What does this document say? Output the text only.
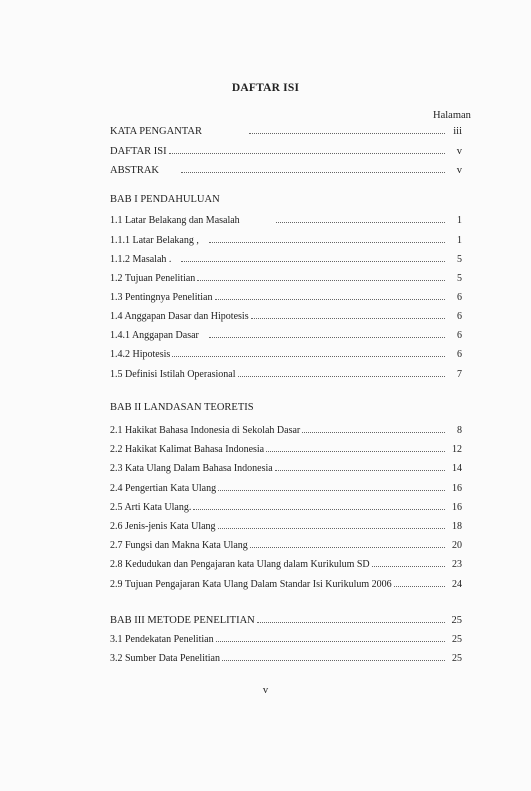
DAFTAR ISI
Halaman
KATA PENGANTAR	iii
DAFTAR ISI	v
ABSTRAK	v
BAB I PENDAHULUAN
1.1 Latar Belakang dan Masalah	1
1.1.1 Latar Belakang ,	1
1.1.2 Masalah .	5
1.2 Tujuan Penelitian	5
1.3 Pentingnya Penelitian	6
1.4 Anggapan Dasar dan Hipotesis	6
1.4.1 Anggapan Dasar	6
1.4.2 Hipotesis	6
1.5 Definisi Istilah Operasional	7
BAB II LANDASAN TEORETIS
2.1 Hakikat Bahasa Indonesia di Sekolah Dasar	8
2.2 Hakikat Kalimat Bahasa Indonesia	12
2.3 Kata Ulang Dalam Bahasa Indonesia	14
2.4 Pengertian Kata Ulang	16
2.5 Arti Kata Ulang.	16
2.6 Jenis-jenis Kata Ulang	18
2.7 Fungsi dan Makna Kata Ulang	20
2.8 Kedudukan dan Pengajaran kata Ulang dalam Kurikulum SD	23
2.9 Tujuan Pengajaran Kata Ulang Dalam Standar Isi Kurikulum 2006	24
BAB III METODE PENELITIAN	25
3.1 Pendekatan Penelitian	25
3.2 Sumber Data Penelitian	25
v
